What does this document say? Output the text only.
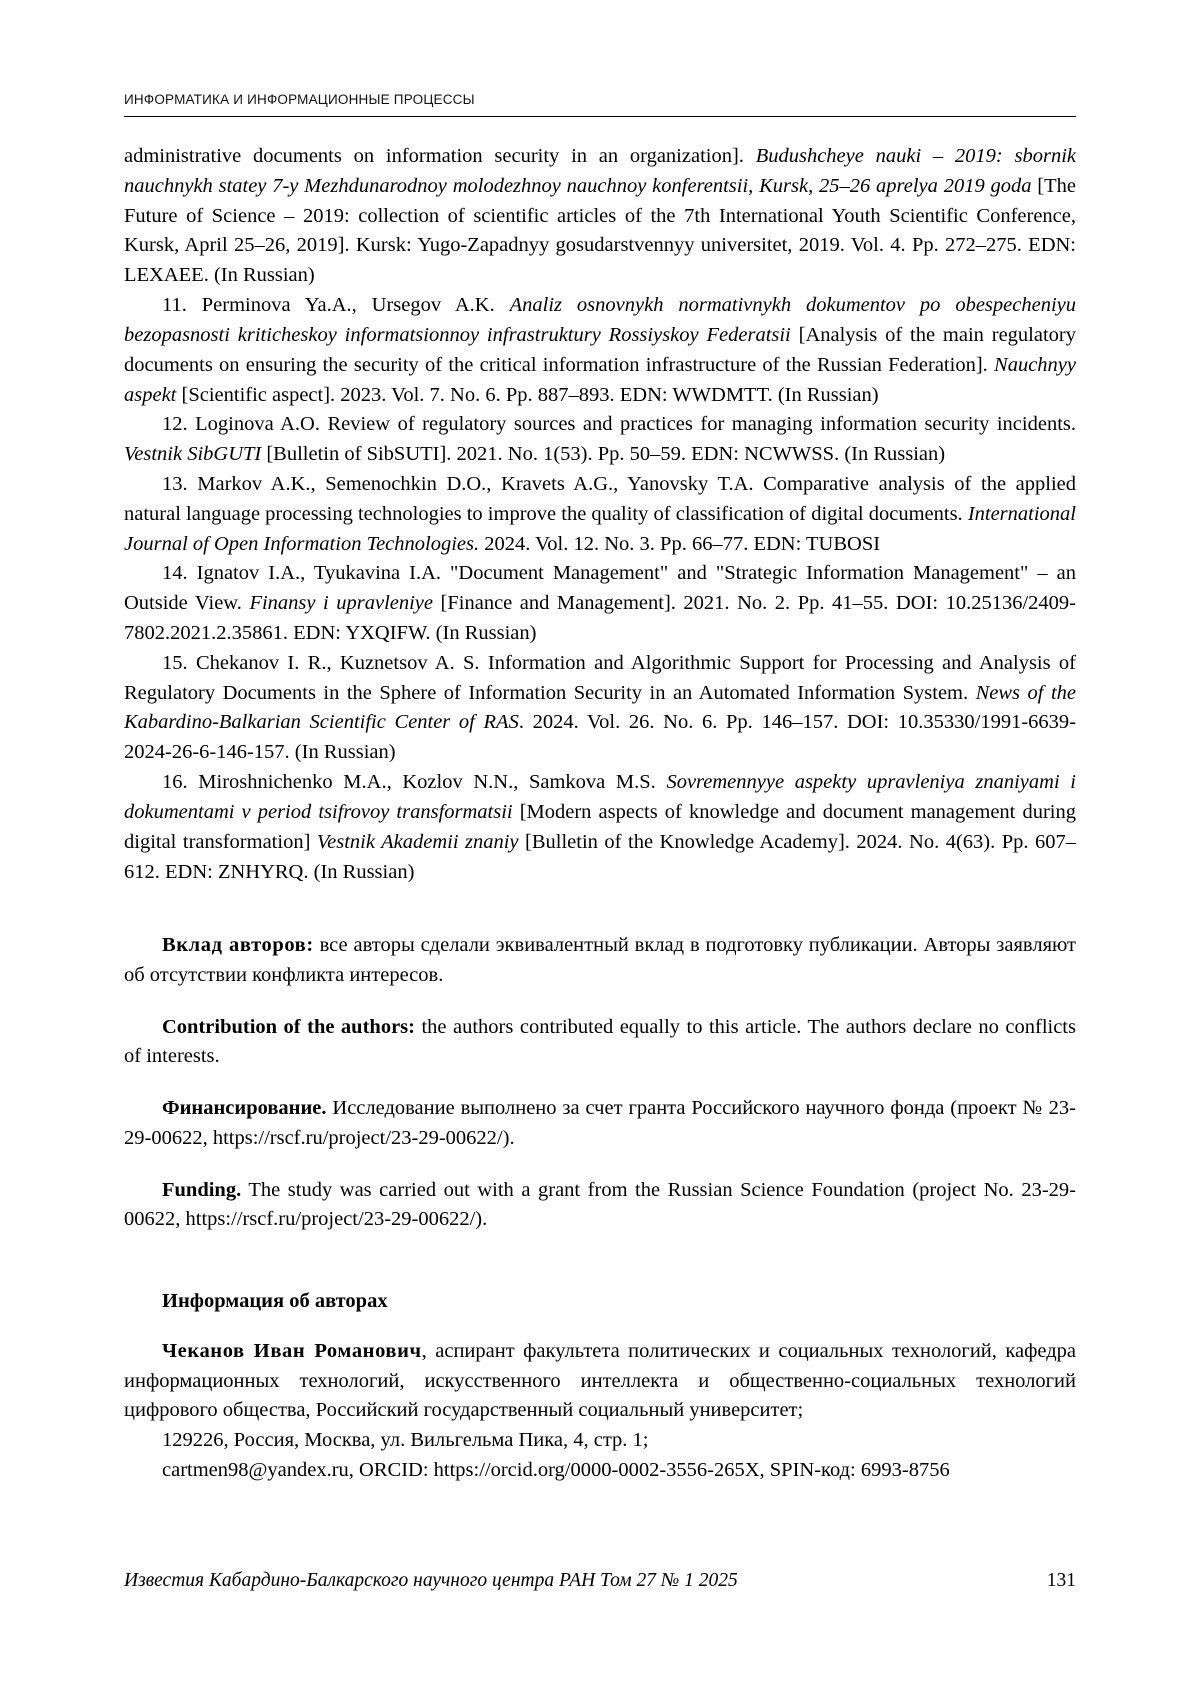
ИНФОРМАТИКА И ИНФОРМАЦИОННЫЕ ПРОЦЕССЫ

administrative documents on information security in an organization]. Budushcheye nauki – 2019: sbornik nauchnykh statey 7-y Mezhdunarodnoy molodezhnoy nauchnoy konferentsii, Kursk, 25–26 aprelya 2019 goda [The Future of Science – 2019: collection of scientific articles of the 7th International Youth Scientific Conference, Kursk, April 25–26, 2019]. Kursk: Yugo-Zapadnyy gosudarstvennyy universitet, 2019. Vol. 4. Pp. 272–275. EDN: LEXAEE. (In Russian)

11. Perminova Ya.A., Ursegov A.K. Analiz osnovnykh normativnykh dokumentov po obespecheniyu bezopasnosti kriticheskoy informatsionnoy infrastruktury Rossiyskoy Federatsii [Analysis of the main regulatory documents on ensuring the security of the critical information infrastructure of the Russian Federation]. Nauchnyy aspekt [Scientific aspect]. 2023. Vol. 7. No. 6. Pp. 887–893. EDN: WWDMTT. (In Russian)

12. Loginova A.O. Review of regulatory sources and practices for managing information security incidents. Vestnik SibGUTI [Bulletin of SibSUTI]. 2021. No. 1(53). Pp. 50–59. EDN: NCWWSS. (In Russian)

13. Markov A.K., Semenochkin D.O., Kravets A.G., Yanovsky T.A. Comparative analysis of the applied natural language processing technologies to improve the quality of classification of digital documents. International Journal of Open Information Technologies. 2024. Vol. 12. No. 3. Pp. 66–77. EDN: TUBOSI

14. Ignatov I.A., Tyukavina I.A. "Document Management" and "Strategic Information Management" – an Outside View. Finansy i upravleniye [Finance and Management]. 2021. No. 2. Pp. 41–55. DOI: 10.25136/2409-7802.2021.2.35861. EDN: YXQIFW. (In Russian)

15. Chekanov I. R., Kuznetsov A. S. Information and Algorithmic Support for Processing and Analysis of Regulatory Documents in the Sphere of Information Security in an Automated Information System. News of the Kabardino-Balkarian Scientific Center of RAS. 2024. Vol. 26. No. 6. Pp. 146–157. DOI: 10.35330/1991-6639-2024-26-6-146-157. (In Russian)

16. Miroshnichenko M.A., Kozlov N.N., Samkova M.S. Sovremennyye aspekty upravleniya znaniyami i dokumentami v period tsifrovoy transformatsii [Modern aspects of knowledge and document management during digital transformation] Vestnik Akademii znaniy [Bulletin of the Knowledge Academy]. 2024. No. 4(63). Pp. 607–612. EDN: ZNHYRQ. (In Russian)

Вклад авторов: все авторы сделали эквивалентный вклад в подготовку публикации. Авторы заявляют об отсутствии конфликта интересов.

Contribution of the authors: the authors contributed equally to this article. The authors declare no conflicts of interests.

Финансирование. Исследование выполнено за счет гранта Российского научного фонда (проект № 23-29-00622, https://rscf.ru/project/23-29-00622/).

Funding. The study was carried out with a grant from the Russian Science Foundation (project No. 23-29-00622, https://rscf.ru/project/23-29-00622/).

Информация об авторах

Чеканов Иван Романович, аспирант факультета политических и социальных технологий, кафедра информационных технологий, искусственного интеллекта и общественно-социальных технологий цифрового общества, Российский государственный социальный университет;

129226, Россия, Москва, ул. Вильгельма Пика, 4, стр. 1;

cartmen98@yandex.ru, ORCID: https://orcid.org/0000-0002-3556-265X, SPIN-код: 6993-8756

Известия Кабардино-Балкарского научного центра РАН Том 27 № 1 2025	131
